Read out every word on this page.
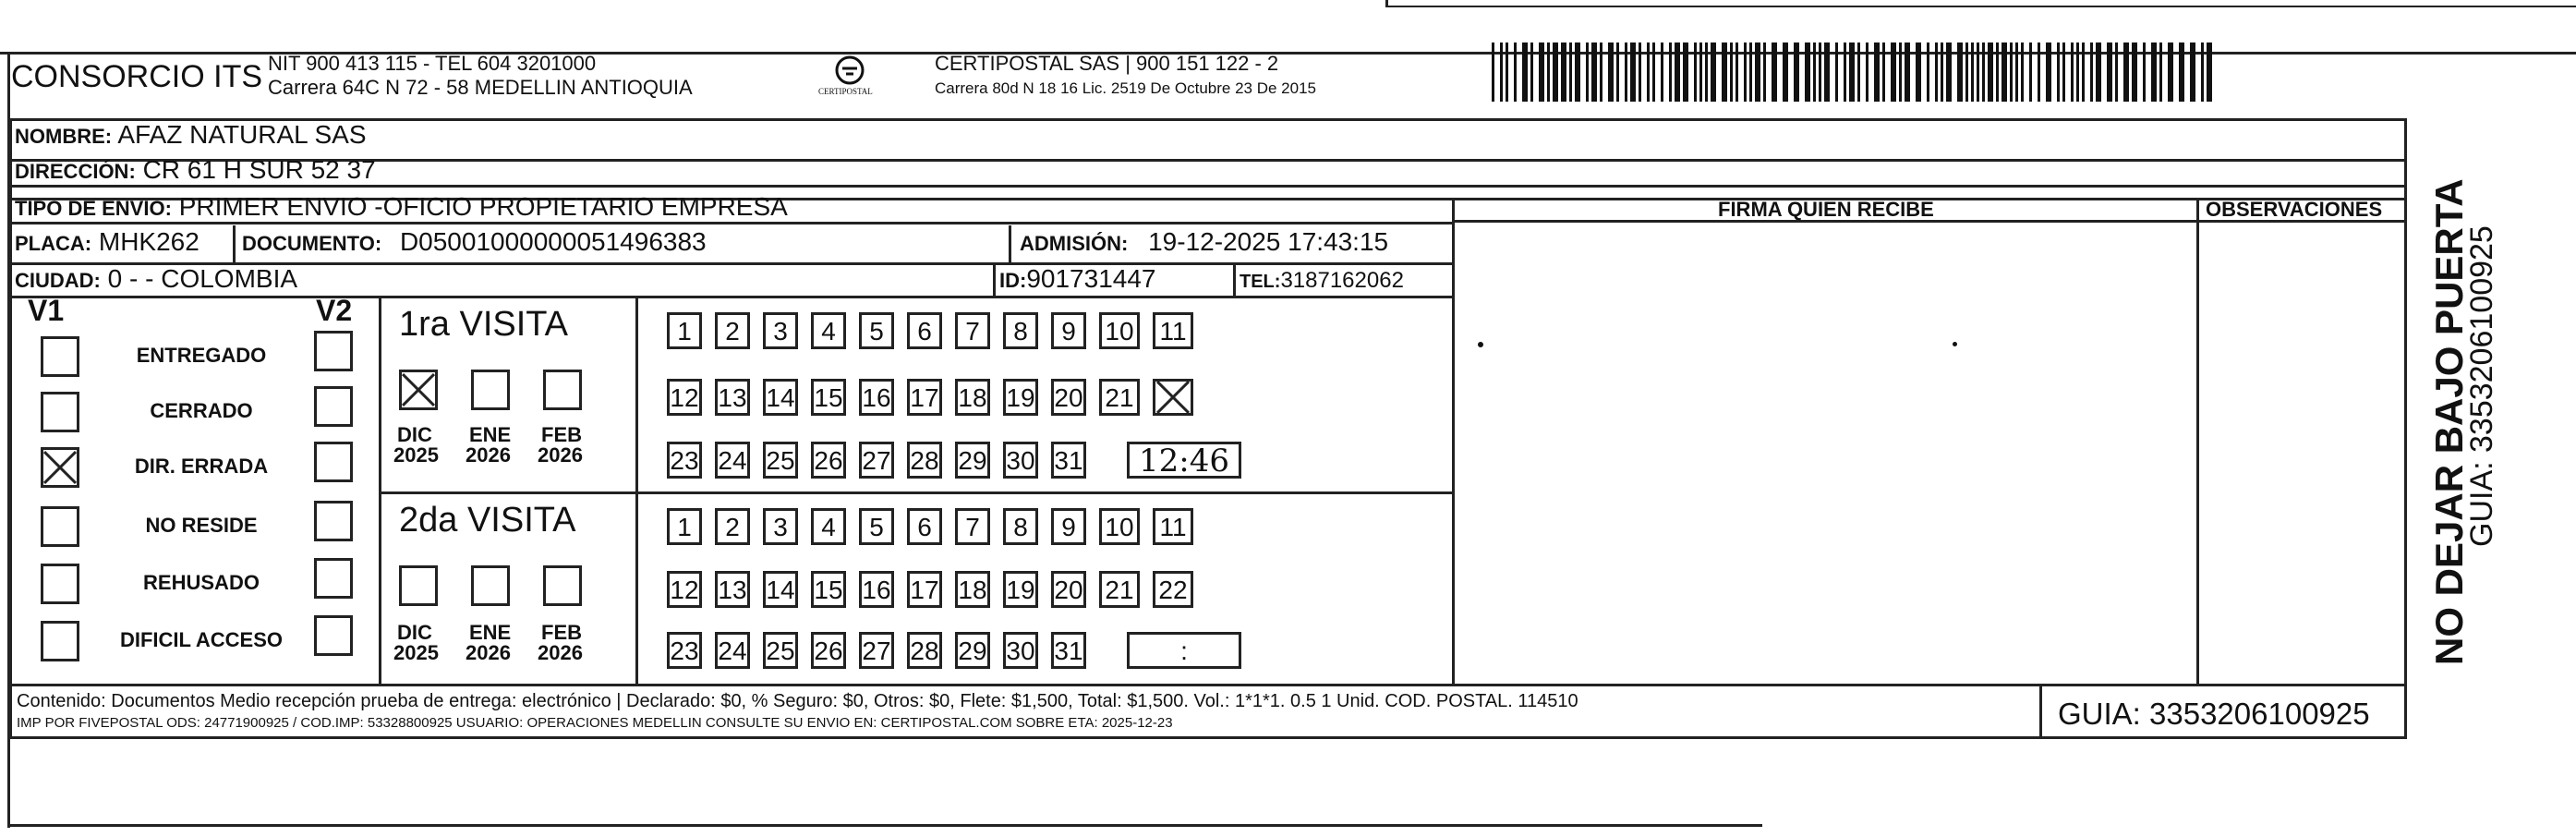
CONSORCIO ITS NIT 900 413 115 - TEL 604 3201000
Carrera 64C N 72 - 58 MEDELLIN ANTIOQUIA	CERTIPOSTAL
CERTIPOSTAL SAS | 900 151 122 - 2
Carrera 80d N 18 16 Lic. 2519 De Octubre 23 De 2015
NOMBRE: AFAZ NATURAL SAS
DIRECCIÓN: CR 61 H SUR 52 37
TIPO DE ENVIO: PRIMER ENVIO -OFICIO PROPIETARIO EMPRESA	FIRMA QUIEN RECIBE	OBSERVACIONES
PLACA: MHK262 DOCUMENTO: D05001000000051496383	ADMISIÓN: 19-12-2025 17:43:15
CIUDAD: 0 - - COLOMBIA	ID:901731447	TEL:3187162062
V1	V2
ENTREGADO
CERRADO
DIR. ERRADA
NO RESIDE
REHUSADO
DIFICIL ACCESO
1ra VISITA
2da VISITA
DIC
2025
ENE
2026
FEB
2026
DIC
2025
ENE
2026
FEB
2026
1	2	3	4	5	6	7	8	9	10 11
12 13 14 15 16 17 18 19 20 21
23 24 25 26 27 28 29 30 31	12:46
1	2	3	4	5	6	7	8	9	10 11
12 13 14 15 16 17 18 19 20 21 22
23 24 25 26 27 28 29 30 31	:
Contenido: Documentos Medio recepción prueba de entrega: electrónico | Declarado: $0, % Seguro: $0, Otros: $0, Flete: $1,500, Total: $1,500. Vol.: 1*1*1. 0.5 1 Unid. COD. POSTAL. 114510
IMP POR FIVEPOSTAL ODS: 24771900925 / COD.IMP: 53328800925 USUARIO: OPERACIONES MEDELLIN CONSULTE SU ENVIO EN: CERTIPOSTAL.COM SOBRE ETA: 2025-12-23	GUIA: 3353206100925
NO DEJAR BAJO PUERTA
GUIA: 3353206100925
